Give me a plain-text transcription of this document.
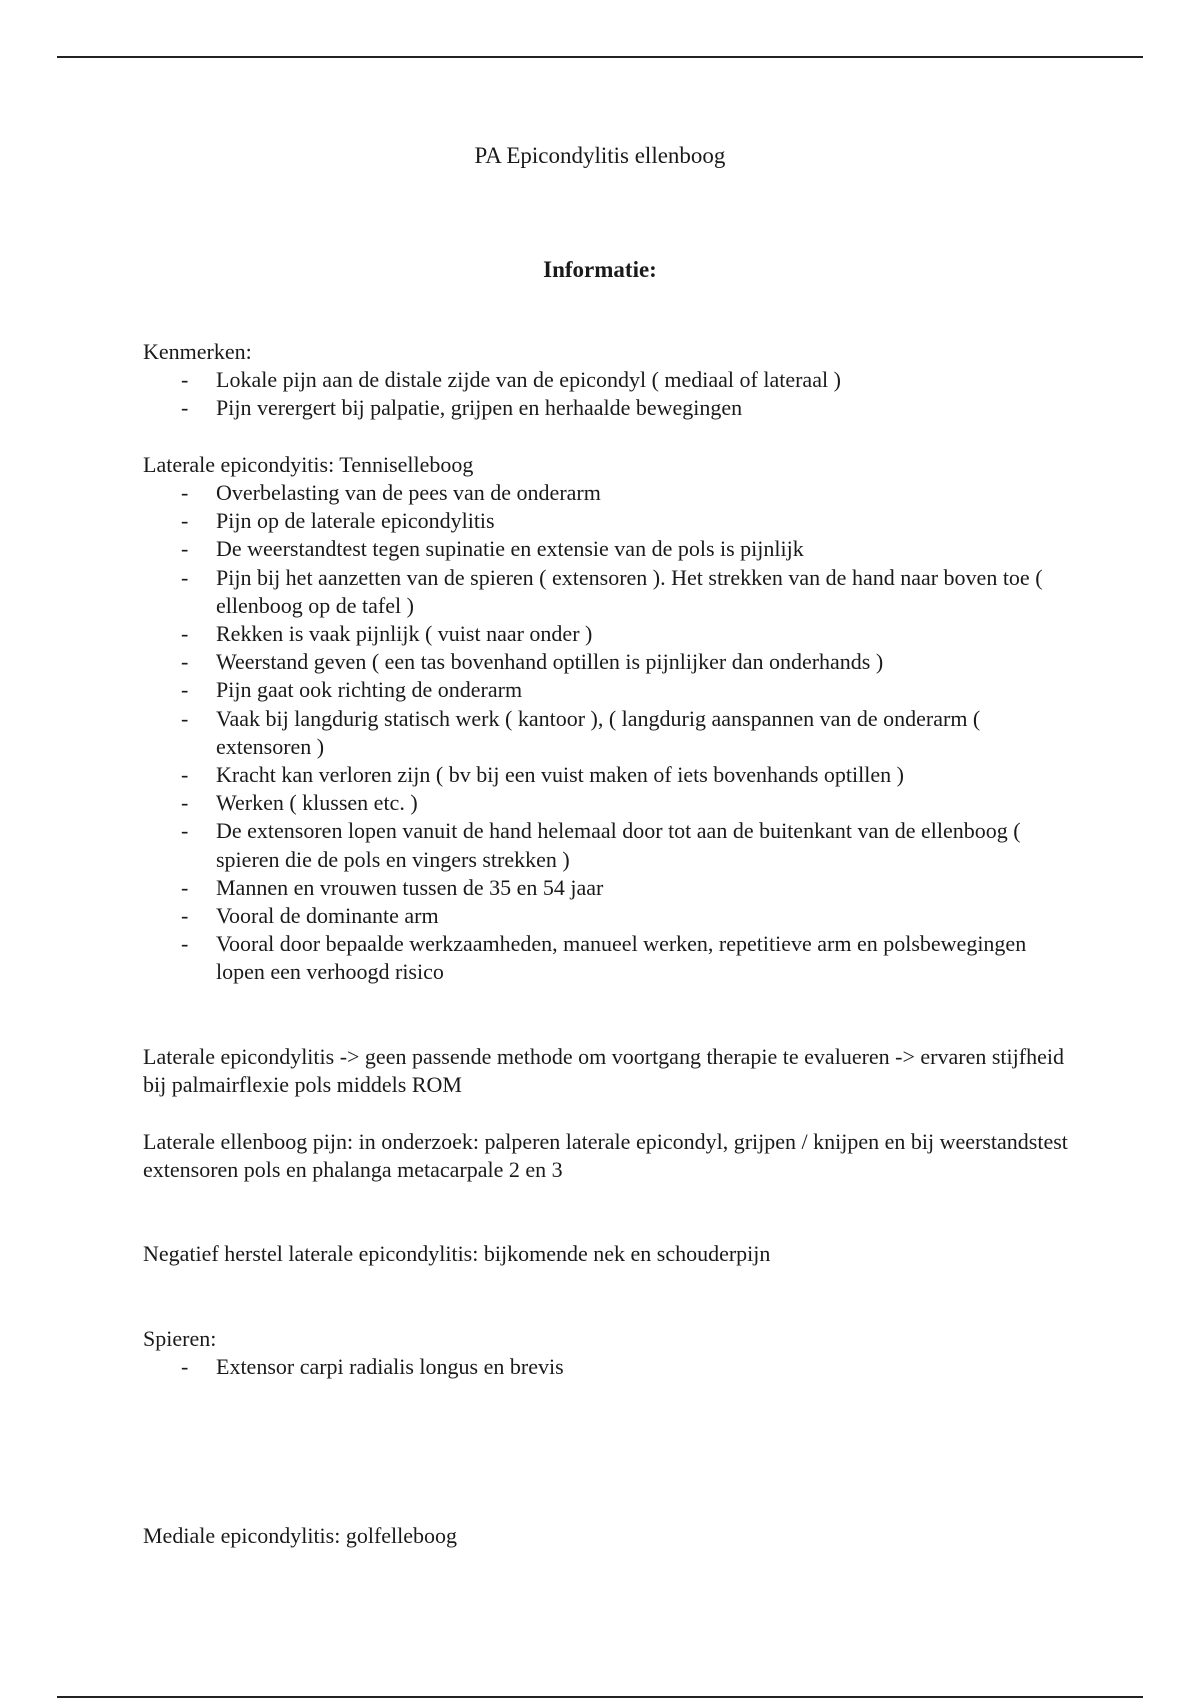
PA Epicondylitis ellenboog
Informatie:

Kenmerken:

- Lokale pijn aan de distale zijde van de epicondyl ( mediaal of lateraal )
- Pijn verergert bij palpatie, grijpen en herhaalde bewegingen

Laterale epicondyitis: Tenniselleboog

- Overbelasting van de pees van de onderarm
- Pijn op de laterale epicondylitis
- De weerstandtest tegen supinatie en extensie van de pols is pijnlijk
- Pijn bij het aanzetten van de spieren ( extensoren ). Het strekken van de hand naar boven toe ( ellenboog op de tafel )
- Rekken is vaak pijnlijk ( vuist naar onder )
- Weerstand geven ( een tas bovenhand optillen is pijnlijker dan onderhands )
- Pijn gaat ook richting de onderarm
- Vaak bij langdurig statisch werk ( kantoor ), ( langdurig aanspannen van de onderarm ( extensoren )
- Kracht kan verloren zijn ( bv bij een vuist maken of iets bovenhands optillen )
- Werken ( klussen etc. )
- De extensoren lopen vanuit de hand helemaal door tot aan de buitenkant van de ellenboog ( spieren die de pols en vingers strekken )
- Mannen en vrouwen tussen de 35 en 54 jaar
- Vooral de dominante arm
- Vooral door bepaalde werkzaamheden, manueel werken, repetitieve arm en polsbewegingen lopen een verhoogd risico

Laterale epicondylitis -> geen passende methode om voortgang therapie te evalueren -> ervaren stijfheid bij palmairflexie pols middels ROM

Laterale ellenboog pijn: in onderzoek: palperen laterale epicondyl, grijpen / knijpen en bij weerstandstest extensoren pols en phalanga metacarpale 2 en 3

Negatief herstel laterale epicondylitis: bijkomende nek en schouderpijn

Spieren:

- Extensor carpi radialis longus en brevis

Mediale epicondylitis: golfelleboog
